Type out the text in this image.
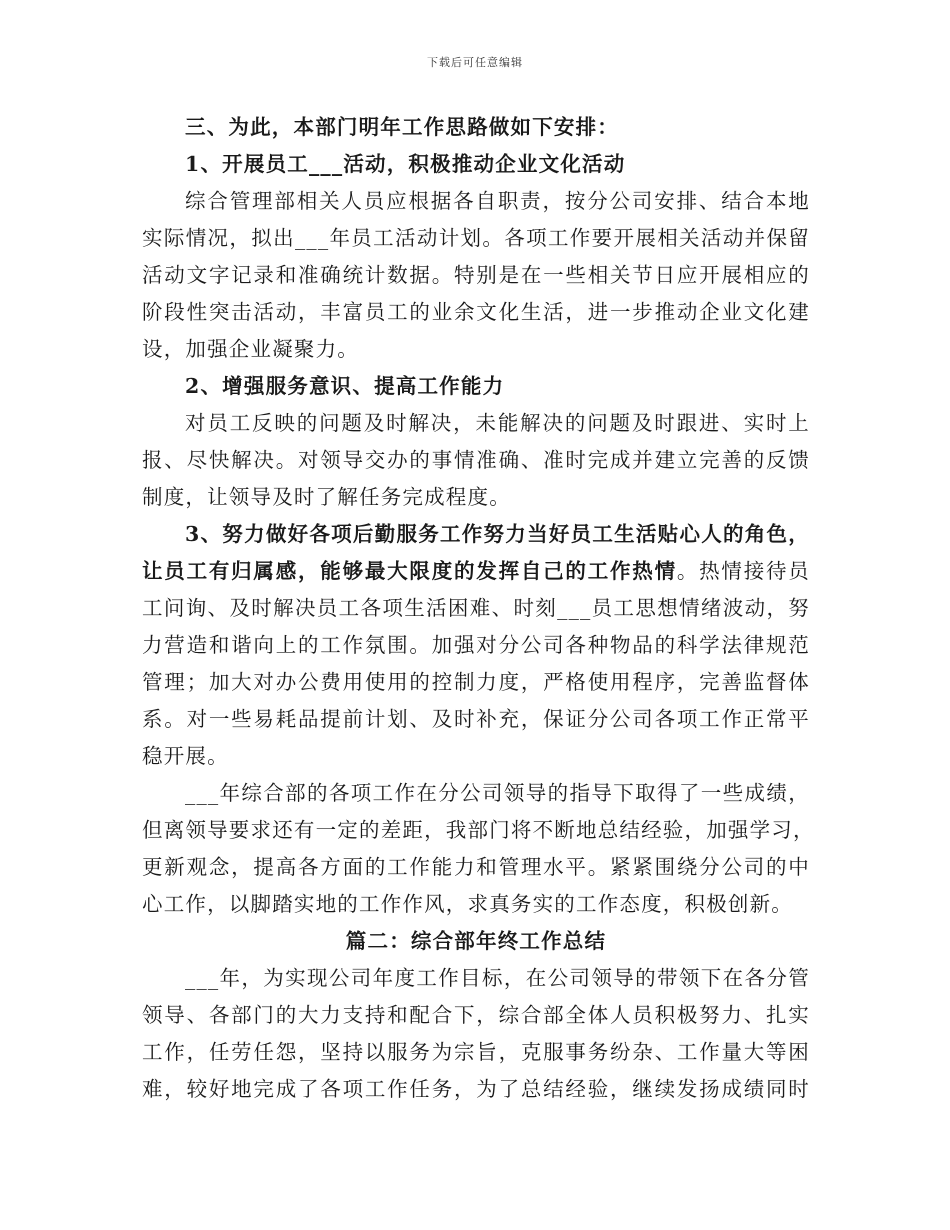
下载后可任意编辑
三、为此，本部门明年工作思路做如下安排：
1、开展员工___活动，积极推动企业文化活动
综合管理部相关人员应根据各自职责，按分公司安排、结合本地
实际情况，拟出___年员工活动计划。各项工作要开展相关活动并保留
活动文字记录和准确统计数据。特别是在一些相关节日应开展相应的
阶段性突击活动，丰富员工的业余文化生活，进一步推动企业文化建
设，加强企业凝聚力。
2、增强服务意识、提高工作能力
对员工反映的问题及时解决，未能解决的问题及时跟进、实时上
报、尽快解决。对领导交办的事情准确、准时完成并建立完善的反馈
制度，让领导及时了解任务完成程度。
3、努力做好各项后勤服务工作努力当好员工生活贴心人的角色，
让员工有归属感，能够最大限度的发挥自己的工作热情。热情接待员
工问询、及时解决员工各项生活困难、时刻___员工思想情绪波动，努
力营造和谐向上的工作氛围。加强对分公司各种物品的科学法律规范
管理；加大对办公费用使用的控制力度，严格使用程序，完善监督体
系。对一些易耗品提前计划、及时补充，保证分公司各项工作正常平
稳开展。
___年综合部的各项工作在分公司领导的指导下取得了一些成绩，
但离领导要求还有一定的差距，我部门将不断地总结经验，加强学习，
更新观念，提高各方面的工作能力和管理水平。紧紧围绕分公司的中
心工作，以脚踏实地的工作作风，求真务实的工作态度，积极创新。
篇二：综合部年终工作总结
___年，为实现公司年度工作目标，在公司领导的带领下在各分管
领导、各部门的大力支持和配合下，综合部全体人员积极努力、扎实
工作，任劳任怨，坚持以服务为宗旨，克服事务纷杂、工作量大等困
难，较好地完成了各项工作任务，为了总结经验，继续发扬成绩同时
